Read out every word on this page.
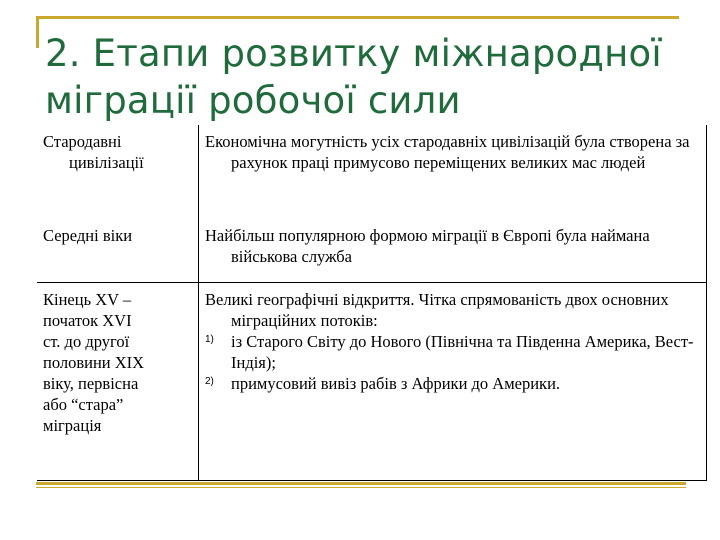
2. Етапи розвитку міжнародної міграції робочої сили

Стародавні цивілізації

Економічна могутність усіх стародавніх цивілізацій була створена за рахунок праці примусово переміщених великих мас людей

Середні віки	Найбільш популярною формою міграції в Європі була наймана військова служба

Кінець XV –
початок XVI
ст. до другої
половини XIX
віку, первісна
або “стара”
міграція

Великі географічні відкриття. Чітка спрямованість двох основних міграційних потоків:

1) із Старого Світу до Нового (Північна та Південна Америка, Вест-Індія);
2) примусовий вивіз рабів з Африки до Америки.
